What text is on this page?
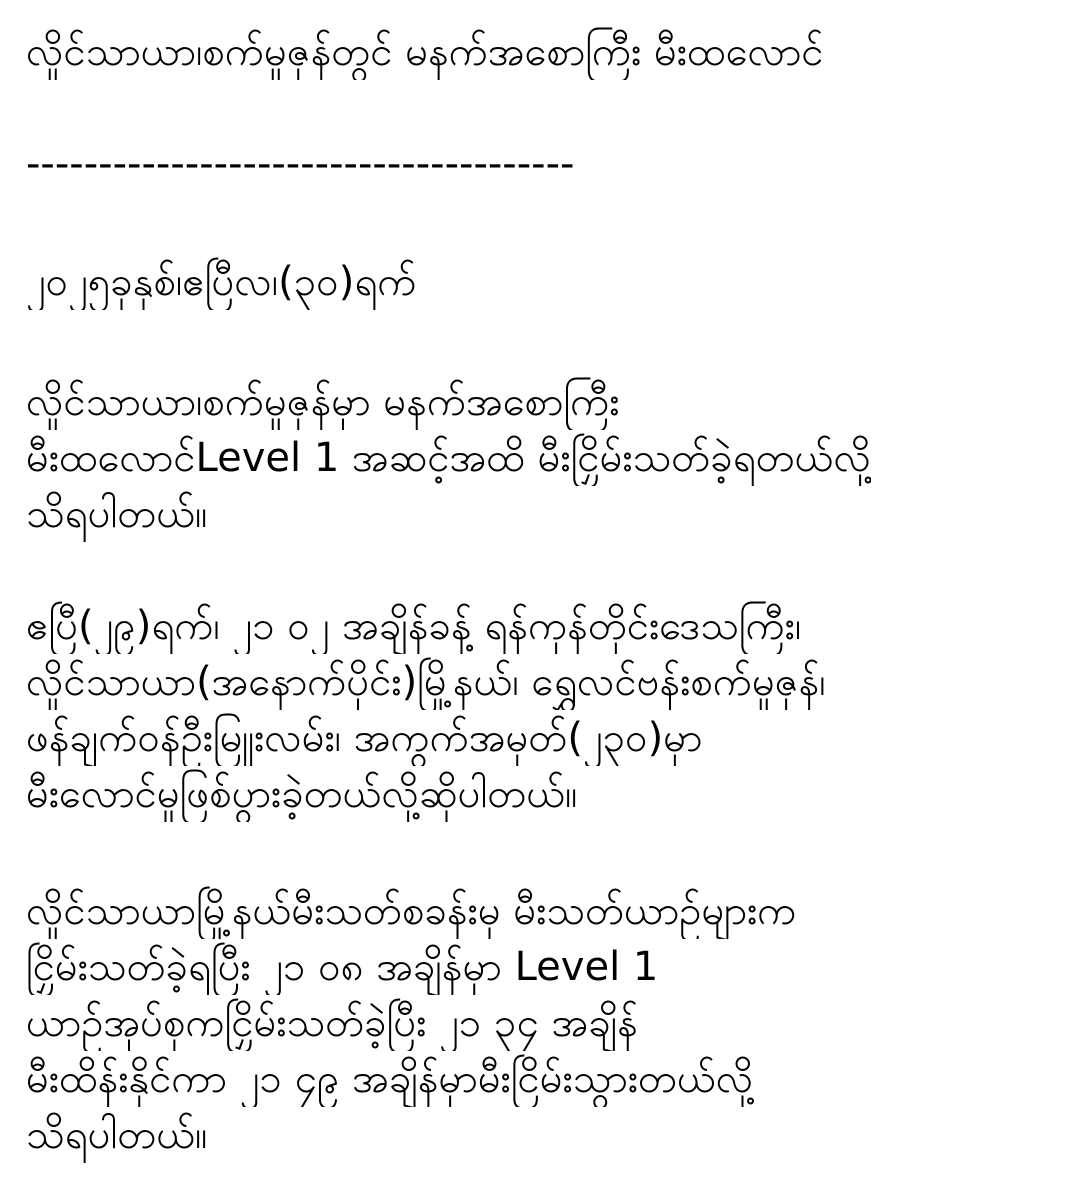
လှိုင်သာယာ၊စက်မှုဇုန်တွင် မနက်အစောကြီး မီးထလောင်
--------------------------------------
၂၀၂၅ခုနှစ်၊ဧပြီလ၊(၃၀)ရက်
လှိုင်သာယာ၊စက်မှုဇုန်မှာ မနက်အစောကြီး
မီးထလောင်Level 1 အဆင့်အထိ မီးငြှိမ်းသတ်ခဲ့ရတယ်လို့
သိရပါတယ်။
ဧပြီ(၂၉)ရက်၊ ၂၁ ၀၂ အချိန်ခန့် ရန်ကုန်တိုင်းဒေသကြီး၊
လှိုင်သာယာ(အနောက်ပိုင်း)မြို့နယ်၊ ရွှေလင်ဗန်းစက်မှုဇုန်၊
ဖန်ချက်ဝန်ဦးမြူးလမ်း၊ အကွက်အမှတ်(၂၃၀)မှာ
မီးလောင်မှုဖြစ်ပွားခဲ့တယ်လို့ဆိုပါတယ်။
လှိုင်သာယာမြို့နယ်မီးသတ်စခန်းမှ မီးသတ်ယာဉ်များက
ငြှိမ်းသတ်ခဲ့ရပြီး ၂၁ ၀၈ အချိန်မှာ Level 1
ယာဉ်အုပ်စုကငြှိမ်းသတ်ခဲ့ပြီး ၂၁ ၃၄ အချိန်
မီးထိန်းနိုင်ကာ ၂၁ ၄၉ အချိန်မှာမီးငြိမ်းသွားတယ်လို့
သိရပါတယ်။
